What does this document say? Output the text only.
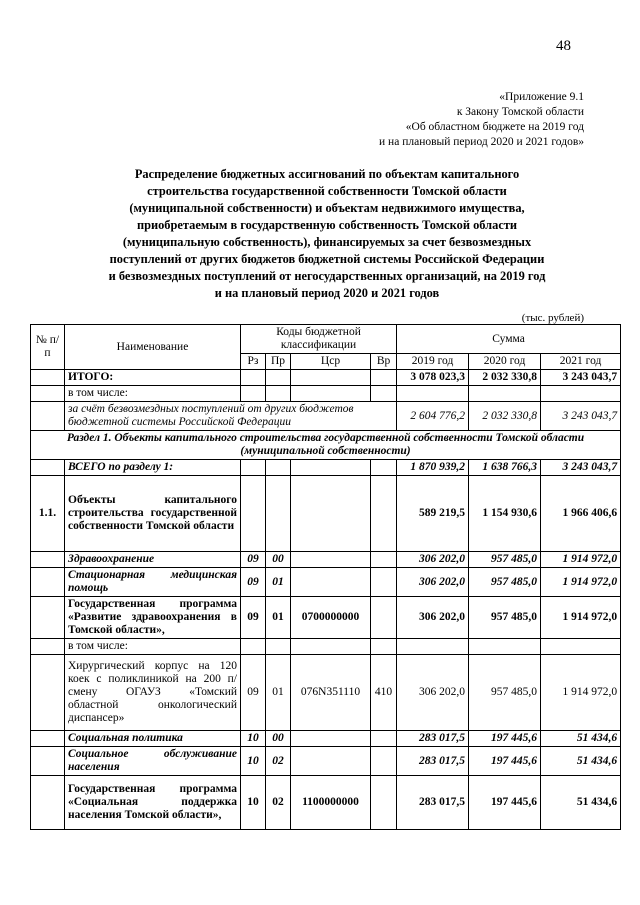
48
«Приложение 9.1
к Закону Томской области
«Об областном бюджете на 2019 год
и на плановый период 2020 и 2021 годов»
Распределение бюджетных ассигнований по объектам капитального
строительства государственной собственности Томской области
(муниципальной собственности) и объектам недвижимого имущества,
приобретаемым в государственную собственность Томской области
(муниципальную собственность), финансируемых за счет безвозмездных
поступлений от других бюджетов бюджетной системы Российской Федерации
и безвозмездных поступлений от негосударственных организаций, на 2019 год
и на плановый период 2020 и 2021 годов
(тыс. рублей)
№ п/п	Наименование	Коды бюджетной классификации				Сумма		
		Рз	Пр	Цср	Вр	2019 год	2020 год	2021 год
	ИТОГО:					3 078 023,3	2 032 330,8	3 243 043,7
	в том числе:							
	за счёт безвозмездных поступлений от других бюджетов бюджетной системы Российской Федерации					2 604 776,2	2 032 330,8	3 243 043,7
Раздел 1. Объекты капитального строительства государственной собственности Томской области (муниципальной собственности)								
	ВСЕГО по разделу 1:					1 870 939,2	1 638 766,3	3 243 043,7
1.1.	Объекты капитального строительства государственной собственности Томской области					589 219,5	1 154 930,6	1 966 406,6
	Здравоохранение	09	00			306 202,0	957 485,0	1 914 972,0
	Стационарная медицинская помощь	09	01			306 202,0	957 485,0	1 914 972,0
	Государственная программа «Развитие здравоохранения в Томской области»,	09	01	0700000000		306 202,0	957 485,0	1 914 972,0
	в том числе:							
	Хирургический корпус на 120 коек с поликлиникой на 200 п/смену ОГАУЗ «Томский областной онкологический диспансер»	09	01	076N351110	410	306 202,0	957 485,0	1 914 972,0
	Социальная политика	10	00			283 017,5	197 445,6	51 434,6
	Социальное обслуживание населения	10	02			283 017,5	197 445,6	51 434,6
	Государственная программа «Социальная поддержка населения Томской области»,	10	02	1100000000		283 017,5	197 445,6	51 434,6
